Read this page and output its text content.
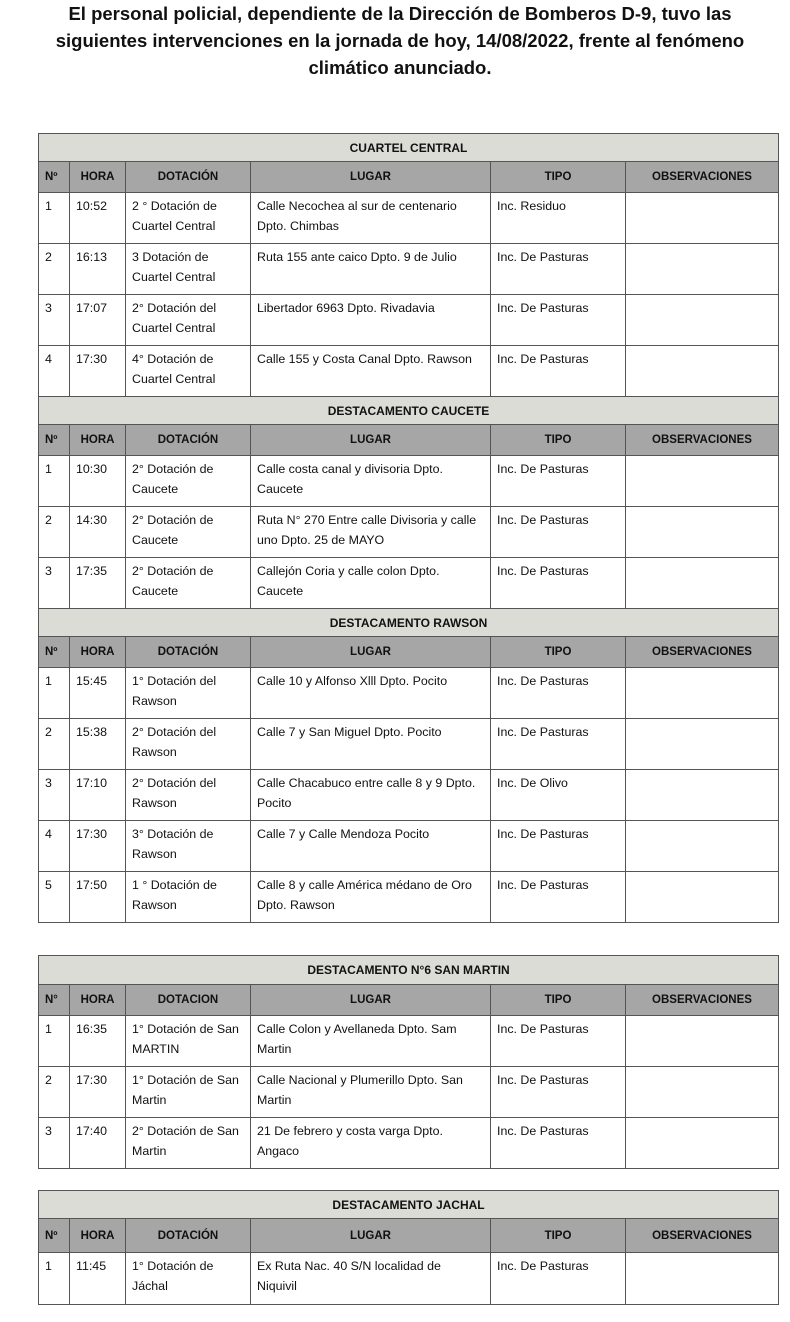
El personal policial, dependiente de la Dirección de Bomberos D-9, tuvo las siguientes intervenciones en la jornada de hoy, 14/08/2022, frente al fenómeno climático anunciado.
CUARTEL CENTRAL					
Nº	HORA	DOTACIÓN	LUGAR	TIPO	OBSERVACIONES
1	10:52	2 ° Dotación de Cuartel Central	Calle Necochea al sur de centenario Dpto. Chimbas	Inc. Residuo	
2	16:13	3 Dotación de Cuartel Central	Ruta 155 ante caico Dpto. 9 de Julio	Inc. De Pasturas	
3	17:07	2° Dotación del Cuartel Central	Libertador 6963 Dpto. Rivadavia	Inc. De Pasturas	
4	17:30	4° Dotación de Cuartel Central	Calle 155 y Costa Canal Dpto. Rawson	Inc. De Pasturas	
DESTACAMENTO CAUCETE					
Nº	HORA	DOTACIÓN	LUGAR	TIPO	OBSERVACIONES
1	10:30	2° Dotación de Caucete	Calle costa canal y divisoria Dpto. Caucete	Inc. De Pasturas	
2	14:30	2° Dotación de Caucete	Ruta N° 270 Entre calle Divisoria y calle uno Dpto. 25 de MAYO	Inc. De Pasturas	
3	17:35	2° Dotación de Caucete	Callejón Coria y calle colon Dpto. Caucete	Inc. De Pasturas	
DESTACAMENTO RAWSON					
Nº	HORA	DOTACIÓN	LUGAR	TIPO	OBSERVACIONES
1	15:45	1° Dotación del Rawson	Calle 10 y Alfonso Xlll Dpto. Pocito	Inc. De Pasturas	
2	15:38	2° Dotación del Rawson	Calle 7 y San Miguel Dpto. Pocito	Inc. De Pasturas	
3	17:10	2° Dotación del Rawson	Calle Chacabuco entre calle 8 y 9 Dpto. Pocito	Inc. De Olivo	
4	17:30	3° Dotación de Rawson	Calle 7 y Calle Mendoza Pocito	Inc. De Pasturas	
5	17:50	1 ° Dotación de Rawson	Calle 8 y calle América médano de Oro Dpto. Rawson	Inc. De Pasturas	
DESTACAMENTO N°6 SAN MARTIN					
N°	HORA	DOTACION	LUGAR	TIPO	OBSERVACIONES
1	16:35	1° Dotación de San MARTIN	Calle Colon y Avellaneda Dpto. Sam Martin	Inc. De Pasturas	
2	17:30	1° Dotación de San Martin	Calle Nacional y Plumerillo Dpto. San Martin	Inc. De Pasturas	
3	17:40	2° Dotación de San Martin	21 De febrero y costa varga Dpto. Angaco	Inc. De Pasturas	
DESTACAMENTO JACHAL					
Nº	HORA	DOTACIÓN	LUGAR	TIPO	OBSERVACIONES
1	11:45	1° Dotación de Jáchal	Ex Ruta Nac. 40 S/N localidad de Niquivil	Inc. De Pasturas	
